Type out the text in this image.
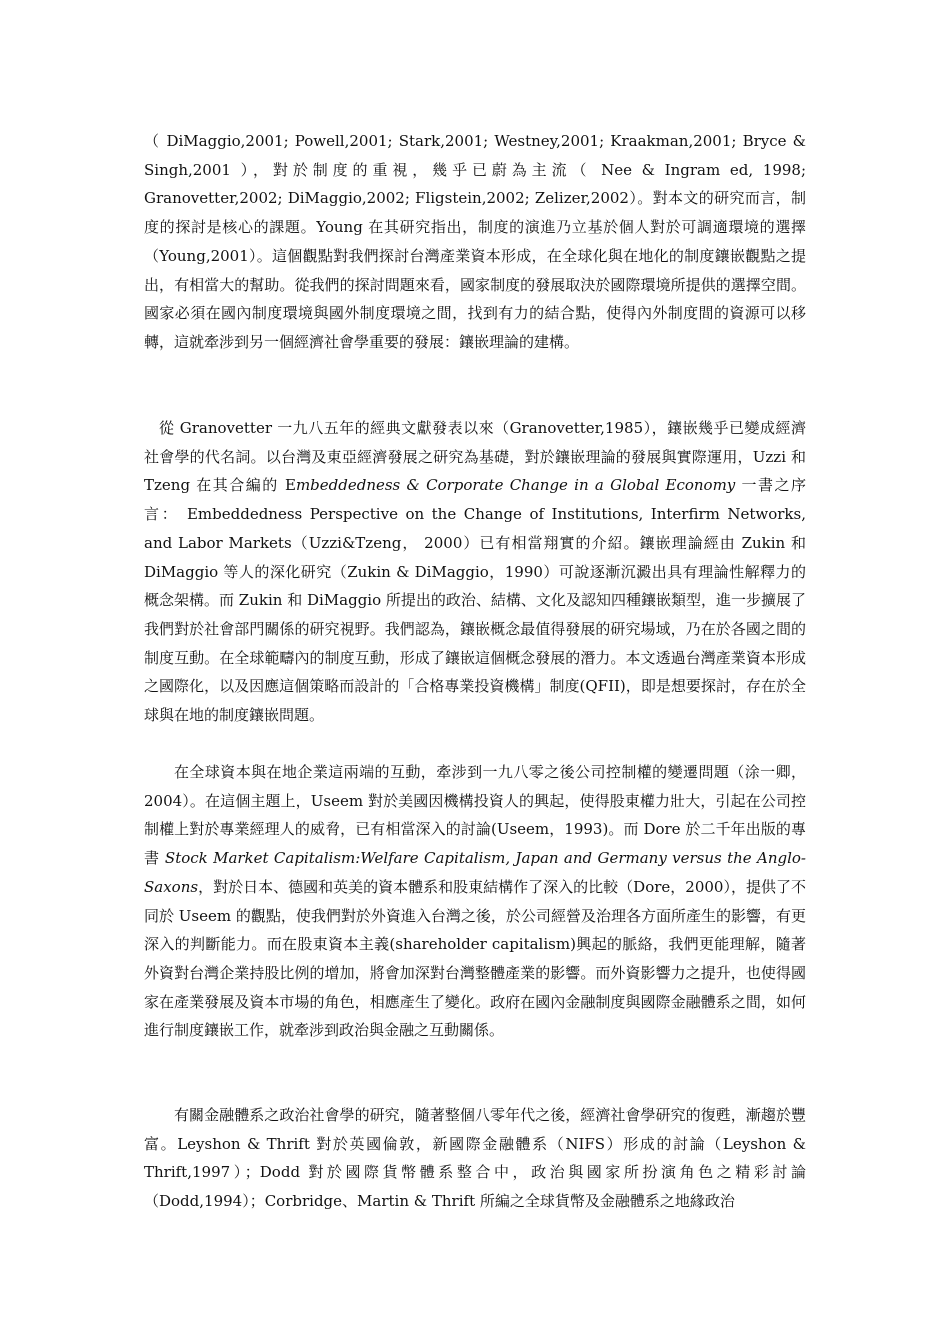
（ DiMaggio,2001; Powell,2001; Stark,2001; Westney,2001; Kraakman,2001; Bryce & Singh,2001 ），對於制度的重視，幾乎已蔚為主流（ Nee & Ingram ed, 1998; Granovetter,2002; DiMaggio,2002; Fligstein,2002; Zelizer,2002）。對本文的研究而言，制度的探討是核心的課題。Young 在其研究指出，制度的演進乃立基於個人對於可調適環境的選擇（Young,2001）。這個觀點對我們探討台灣產業資本形成，在全球化與在地化的制度鑲嵌觀點之提出，有相當大的幫助。從我們的探討問題來看，國家制度的發展取決於國際環境所提供的選擇空間。國家必須在國內制度環境與國外制度環境之間，找到有力的結合點，使得內外制度間的資源可以移轉，這就牽涉到另一個經濟社會學重要的發展：鑲嵌理論的建構。

從 Granovetter 一九八五年的經典文獻發表以來（Granovetter,1985），鑲嵌幾乎已變成經濟社會學的代名詞。以台灣及東亞經濟發展之研究為基礎，對於鑲嵌理論的發展與實際運用，Uzzi 和 Tzeng 在其合編的 Embeddedness & Corporate Change in a Global Economy 一書之序言： Embeddedness Perspective on the Change of Institutions, Interfirm Networks, and Labor Markets（Uzzi&Tzeng， 2000）已有相當翔實的介紹。鑲嵌理論經由 Zukin 和 DiMaggio 等人的深化研究（Zukin & DiMaggio，1990）可說逐漸沉澱出具有理論性解釋力的概念架構。而 Zukin 和 DiMaggio 所提出的政治、結構、文化及認知四種鑲嵌類型，進一步擴展了我們對於社會部門關係的研究視野。我們認為，鑲嵌概念最值得發展的研究場域，乃在於各國之間的制度互動。在全球範疇內的制度互動，形成了鑲嵌這個概念發展的潛力。本文透過台灣產業資本形成之國際化，以及因應這個策略而設計的「合格專業投資機構」制度(QFII)，即是想要探討，存在於全球與在地的制度鑲嵌問題。

在全球資本與在地企業這兩端的互動，牽涉到一九八零之後公司控制權的變遷問題（涂一卿，2004）。在這個主題上，Useem 對於美國因機構投資人的興起，使得股東權力壯大，引起在公司控制權上對於專業經理人的威脅，已有相當深入的討論(Useem，1993)。而 Dore 於二千年出版的專書 Stock Market Capitalism:Welfare Capitalism, Japan and Germany versus the Anglo-Saxons，對於日本、德國和英美的資本體系和股東結構作了深入的比較（Dore，2000），提供了不同於 Useem 的觀點，使我們對於外資進入台灣之後，於公司經營及治理各方面所產生的影響，有更深入的判斷能力。而在股東資本主義(shareholder capitalism)興起的脈絡，我們更能理解，隨著外資對台灣企業持股比例的增加，將會加深對台灣整體產業的影響。而外資影響力之提升，也使得國家在產業發展及資本市場的角色，相應產生了變化。政府在國內金融制度與國際金融體系之間，如何進行制度鑲嵌工作，就牽涉到政治與金融之互動關係。

有關金融體系之政治社會學的研究，隨著整個八零年代之後，經濟社會學研究的復甦，漸趨於豐富。Leyshon & Thrift 對於英國倫敦，新國際金融體系（NIFS）形成的討論（Leyshon & Thrift,1997）；Dodd 對於國際貨幣體系整合中，政治與國家所扮演角色之精彩討論（Dodd,1994）；Corbridge、Martin & Thrift 所編之全球貨幣及金融體系之地緣政治
